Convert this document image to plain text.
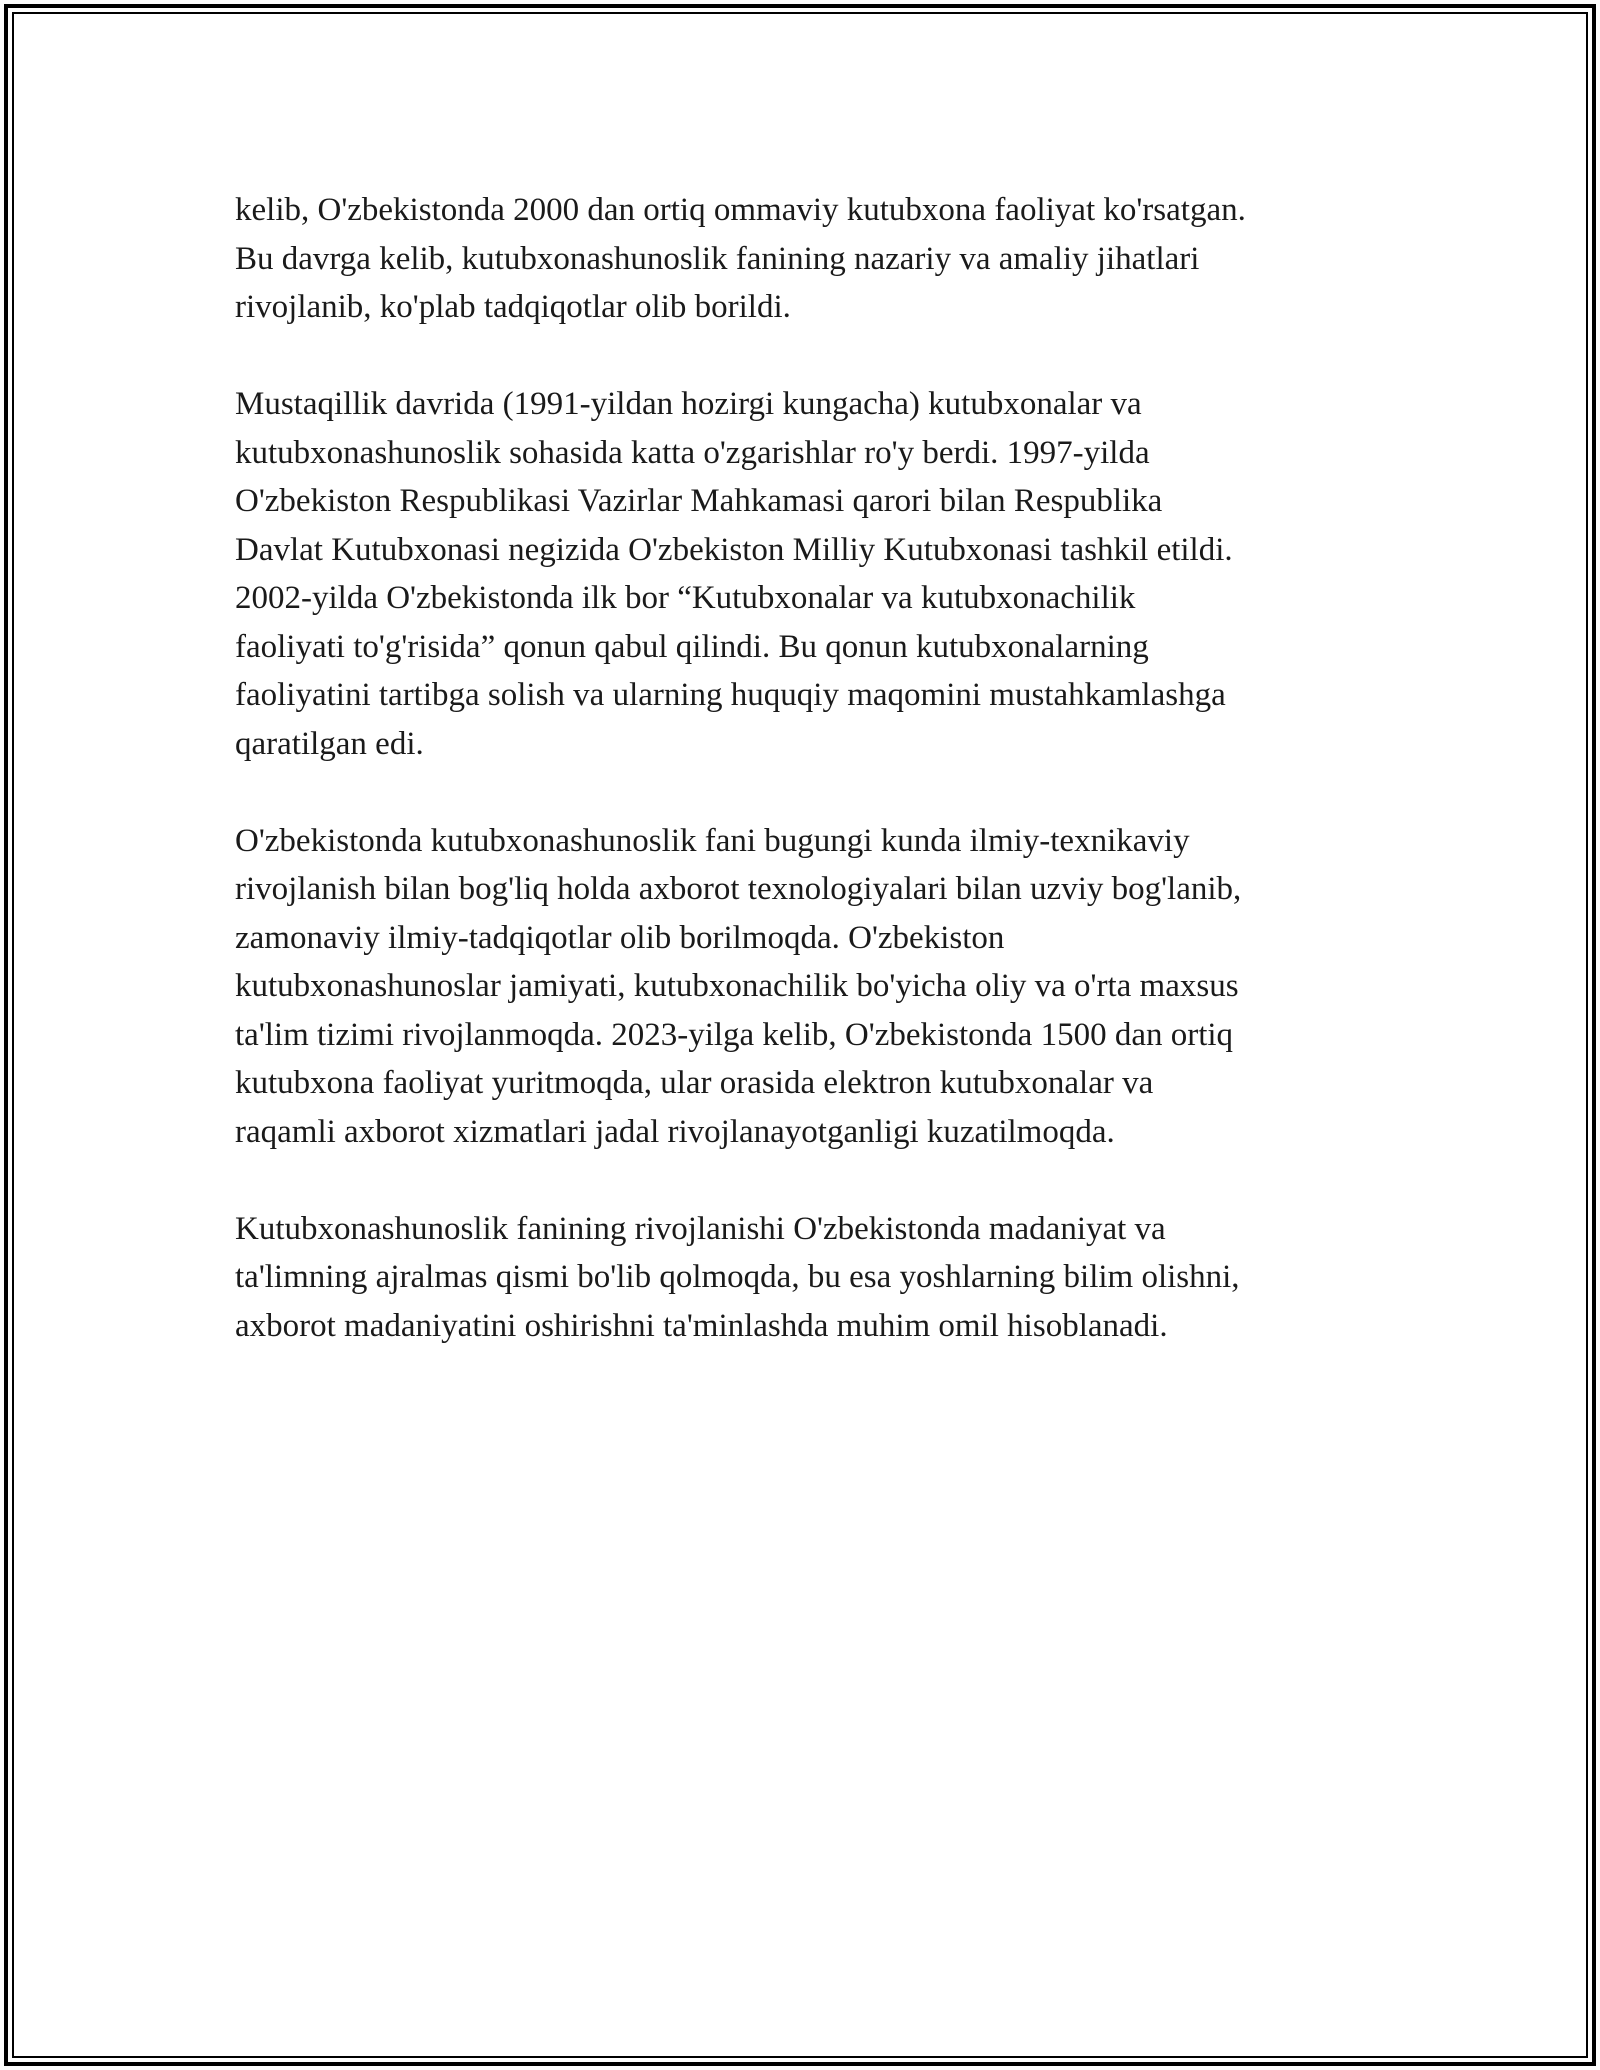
kelib, O'zbekistonda 2000 dan ortiq ommaviy kutubxona faoliyat ko'rsatgan.
Bu davrga kelib, kutubxonashunoslik fanining nazariy va amaliy jihatlari
rivojlanib, ko'plab tadqiqotlar olib borildi.

Mustaqillik davrida (1991-yildan hozirgi kungacha) kutubxonalar va
kutubxonashunoslik sohasida katta o'zgarishlar ro'y berdi. 1997-yilda
O'zbekiston Respublikasi Vazirlar Mahkamasi qarori bilan Respublika
Davlat Kutubxonasi negizida O'zbekiston Milliy Kutubxonasi tashkil etildi.
2002-yilda O'zbekistonda ilk bor “Kutubxonalar va kutubxonachilik
faoliyati to'g'risida” qonun qabul qilindi. Bu qonun kutubxonalarning
faoliyatini tartibga solish va ularning huquqiy maqomini mustahkamlashga
qaratilgan edi.

O'zbekistonda kutubxonashunoslik fani bugungi kunda ilmiy-texnikaviy
rivojlanish bilan bog'liq holda axborot texnologiyalari bilan uzviy bog'lanib,
zamonaviy ilmiy-tadqiqotlar olib borilmoqda. O'zbekiston
kutubxonashunoslar jamiyati, kutubxonachilik bo'yicha oliy va o'rta maxsus
ta'lim tizimi rivojlanmoqda. 2023-yilga kelib, O'zbekistonda 1500 dan ortiq
kutubxona faoliyat yuritmoqda, ular orasida elektron kutubxonalar va
raqamli axborot xizmatlari jadal rivojlanayotganligi kuzatilmoqda.

Kutubxonashunoslik fanining rivojlanishi O'zbekistonda madaniyat va
ta'limning ajralmas qismi bo'lib qolmoqda, bu esa yoshlarning bilim olishni,
axborot madaniyatini oshirishni ta'minlashda muhim omil hisoblanadi.
